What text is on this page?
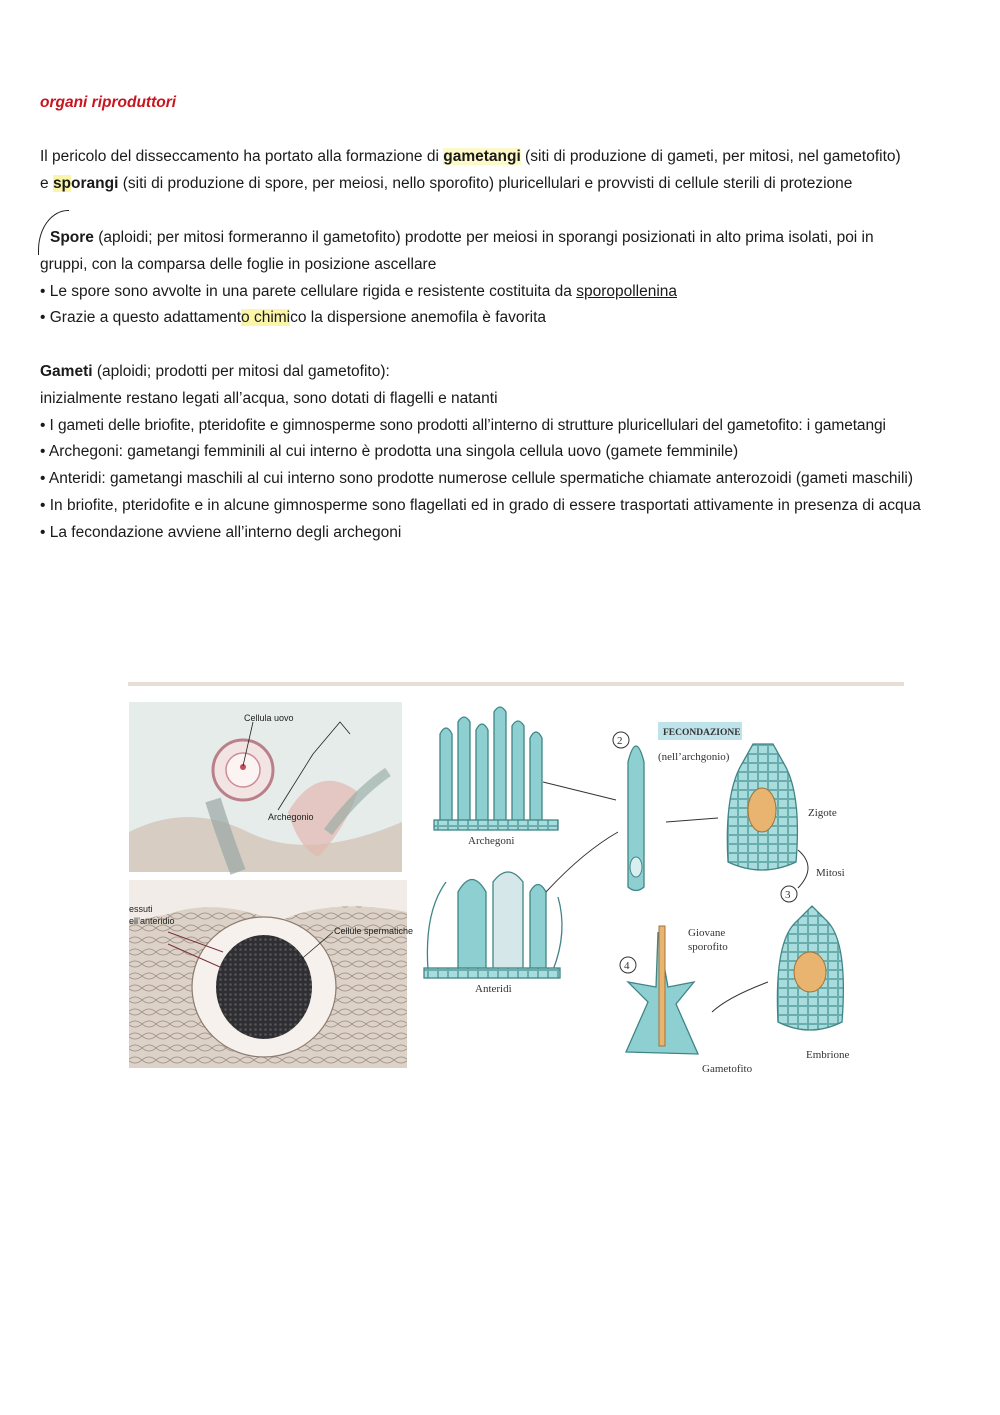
organi riproduttori
Il pericolo del disseccamento ha portato alla formazione di gametangi (siti di produzione di gameti, per mitosi, nel gametofito)
e sporangi (siti di produzione di spore, per meiosi, nello sporofito) pluricellulari e provvisti di cellule sterili di protezione
Spore (aploidi; per mitosi formeranno il gametofito) prodotte per meiosi in sporangi posizionati in alto prima isolati, poi in
gruppi, con la comparsa delle foglie in posizione ascellare
• Le spore sono avvolte in una parete cellulare rigida e resistente costituita da sporopollenina
• Grazie a questo adattamento chimico la dispersione anemofila è favorita
Gameti (aploidi; prodotti per mitosi dal gametofito):
inizialmente restano legati all’acqua, sono dotati di flagelli e natanti
• I gameti delle briofite, pteridofite e gimnosperme sono prodotti all’interno di strutture pluricellulari del gametofito: i gametangi
• Archegoni: gametangi femminili al cui interno è prodotta una singola cellula uovo (gamete femminile)
• Anteridi: gametangi maschili al cui interno sono prodotte numerose cellule spermatiche chiamate anterozoidi (gameti maschili)
• In briofite, pteridofite e in alcune gimnosperme sono flagellati ed in grado di essere trasportati attivamente in presenza di acqua
• La fecondazione avviene all’interno degli archegoni
Cellula uovo
Archegonio
essuti
ell’anteridio
Cellule spermatiche
Archegoni
Anteridi
2
FECONDAZIONE
(nell’archgonio)
Zigote
Mitosi
3
Embrione
4
Giovane
sporofito
Gametofito
